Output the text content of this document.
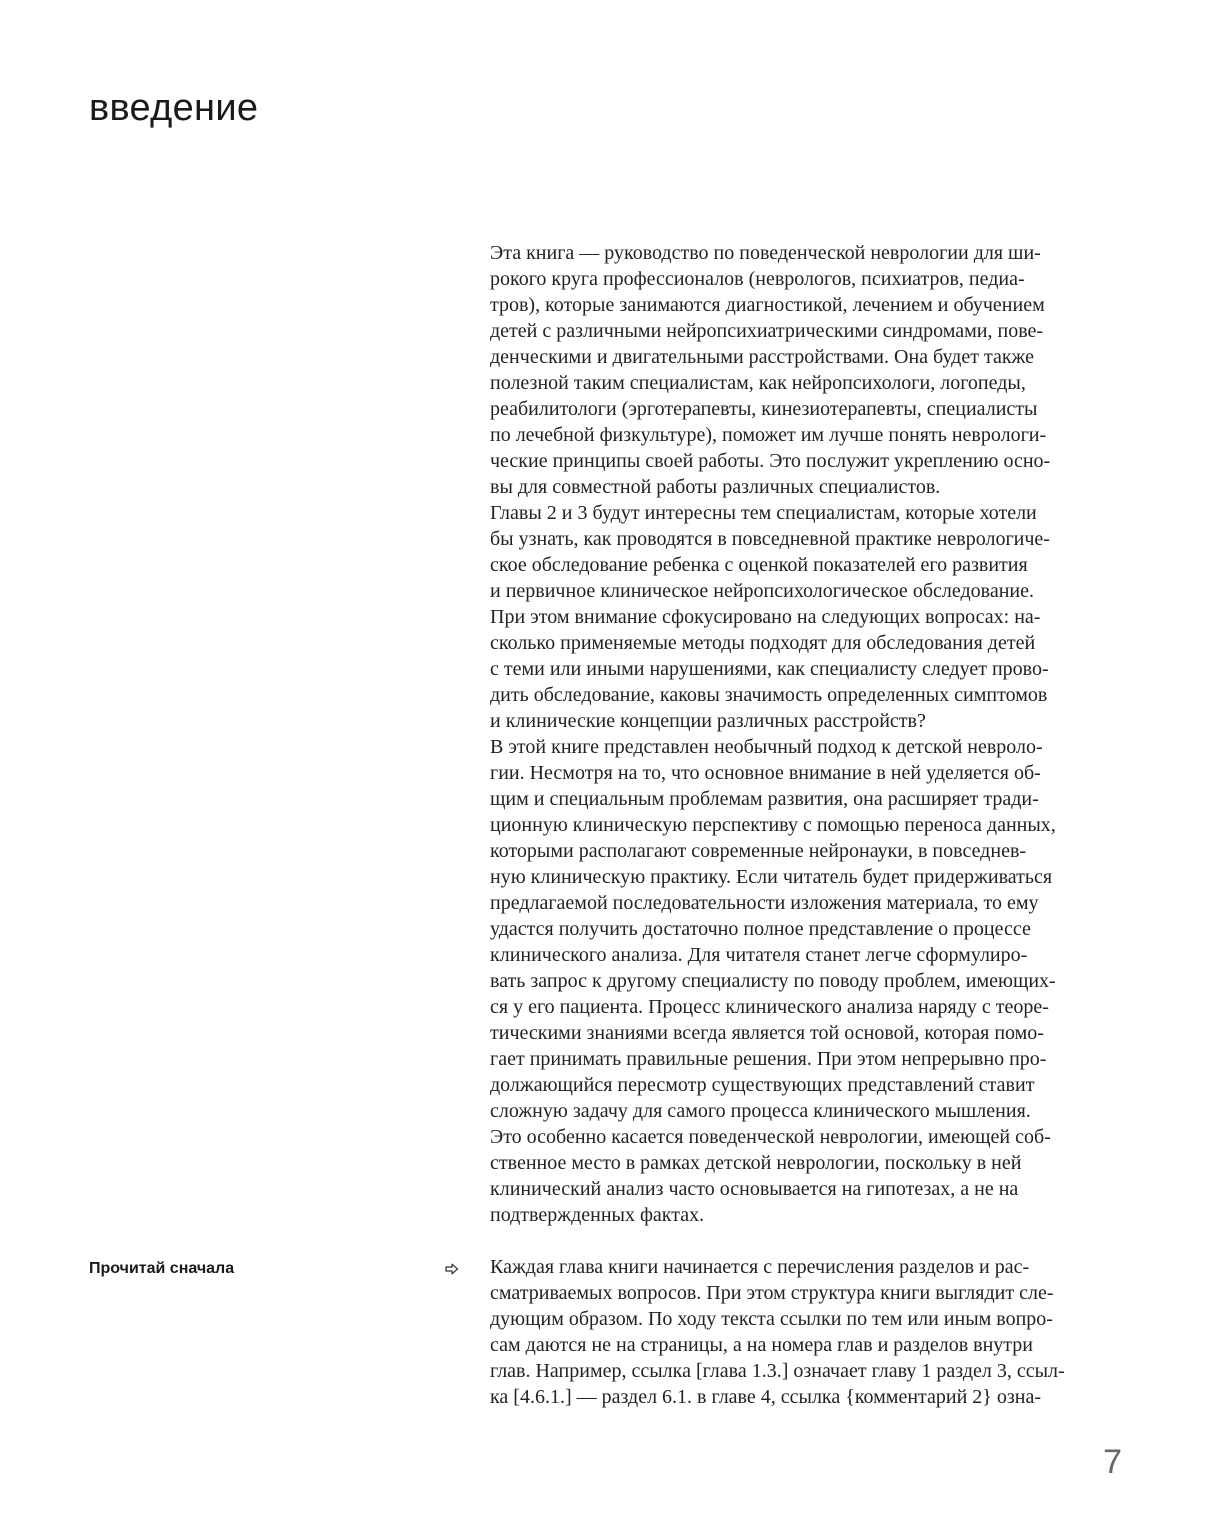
введение
Эта книга — руководство по поведенческой неврологии для ши-
рокого круга профессионалов (неврологов, психиатров, педиа-
тров), которые занимаются диагностикой, лечением и обучением
детей с различными нейропсихиатрическими синдромами, пове-
денческими и двигательными расстройствами. Она будет также
полезной таким специалистам, как нейропсихологи, логопеды,
реабилитологи (эрготерапевты, кинезиотерапевты, специалисты
по лечебной физкультуре), поможет им лучше понять неврологи-
ческие принципы своей работы. Это послужит укреплению осно-
вы для совместной работы различных специалистов.
Главы 2 и 3 будут интересны тем специалистам, которые хотели
бы узнать, как проводятся в повседневной практике неврологиче-
ское обследование ребенка с оценкой показателей его развития
и первичное клиническое нейропсихологическое обследование.
При этом внимание сфокусировано на следующих вопросах: на-
сколько применяемые методы подходят для обследования детей
с теми или иными нарушениями, как специалисту следует прово-
дить обследование, каковы значимость определенных симптомов
и клинические концепции различных расстройств?
В этой книге представлен необычный подход к детской невроло-
гии. Несмотря на то, что основное внимание в ней уделяется об-
щим и специальным проблемам развития, она расширяет тради-
ционную клиническую перспективу с помощью переноса данных,
которыми располагают современные нейронауки, в повседнев-
ную клиническую практику. Если читатель будет придерживаться
предлагаемой последовательности изложения материала, то ему
удастся получить достаточно полное представление о процессе
клинического анализа. Для читателя станет легче сформулиро-
вать запрос к другому специалисту по поводу проблем, имеющих-
ся у его пациента. Процесс клинического анализа наряду с теоре-
тическими знаниями всегда является той основой, которая помо-
гает принимать правильные решения. При этом непрерывно про-
должающийся пересмотр существующих представлений ставит
сложную задачу для самого процесса клинического мышления.
Это особенно касается поведенческой неврологии, имеющей соб-
ственное место в рамках детской неврологии, поскольку в ней
клинический анализ часто основывается на гипотезах, а не на
подтвержденных фактах.
Прочитай сначала	Каждая глава книги начинается с перечисления разделов и рас-
сматриваемых вопросов. При этом структура книги выглядит сле-
дующим образом. По ходу текста ссылки по тем или иным вопро-
сам даются не на страницы, а на номера глав и разделов внутри
глав. Например, ссылка [глава 1.3.] означает главу 1 раздел 3, ссыл-
ка [4.6.1.] — раздел 6.1. в главе 4, ссылка {комментарий 2} озна-
7
